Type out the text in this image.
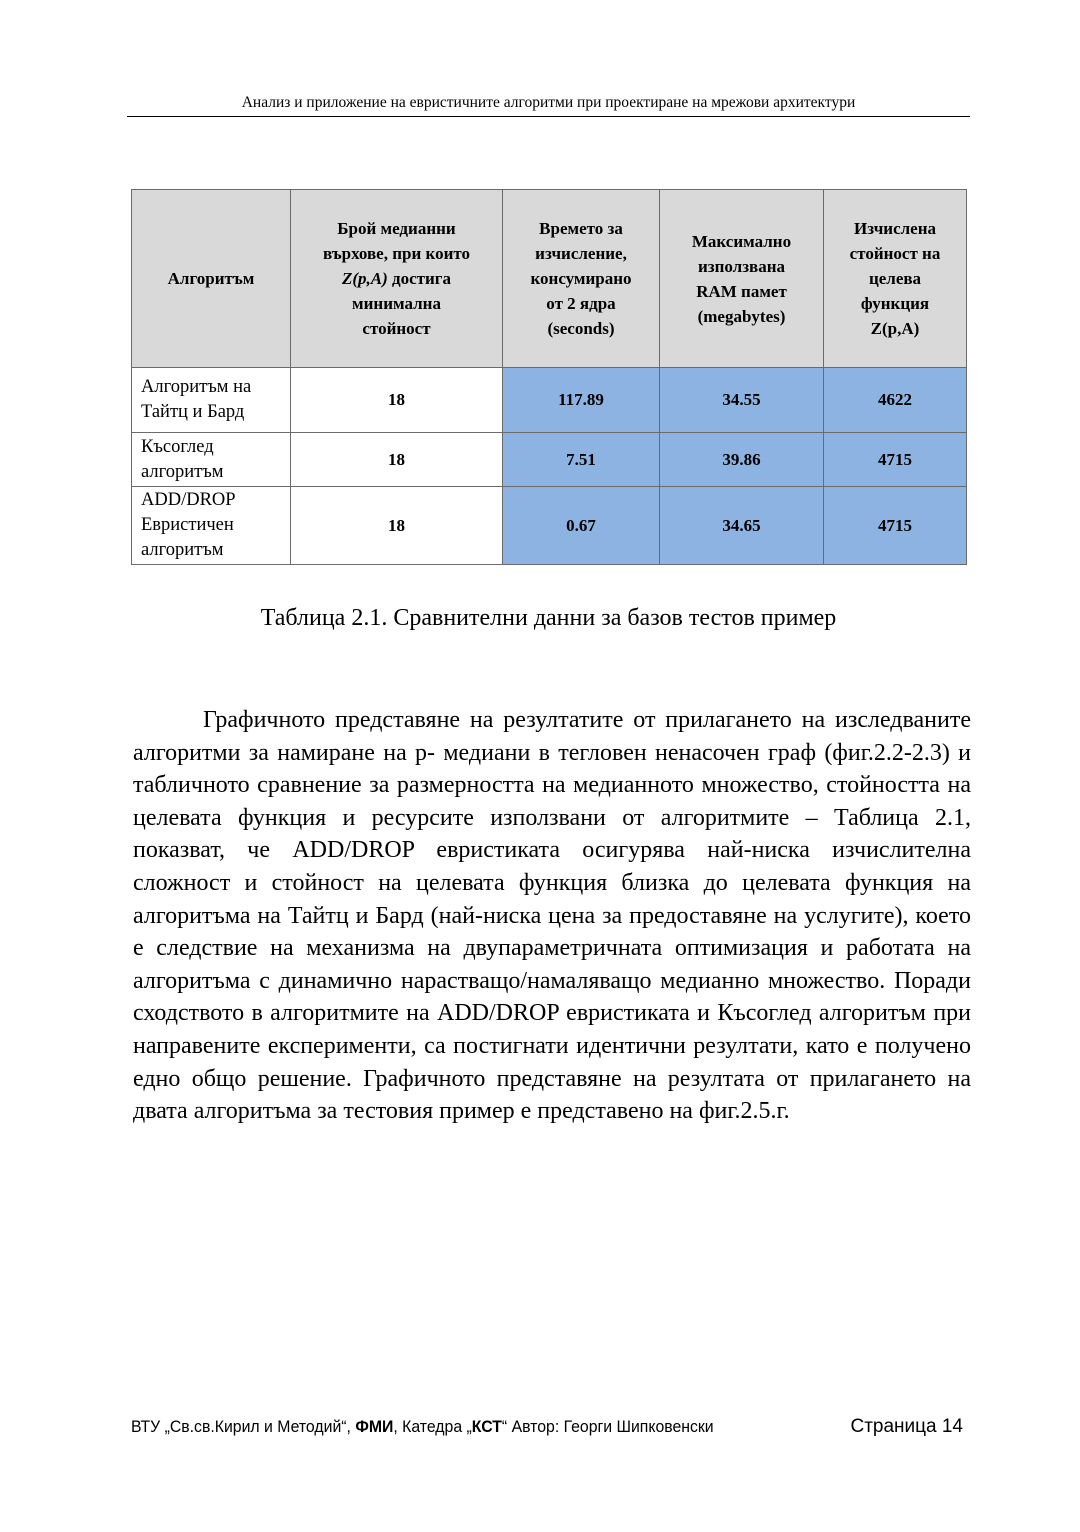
Анализ и приложение на евристичните алгоритми при проектиране на мрежови архитектури
Алгоритъм	Брой медианни
върхове, при които
Z(p,A) достига
минимална
стойност	Времето за
изчисление,
консумирано
от 2 ядра
(seconds)	Максимално
използвана
RAM памет
(megabytes)	Изчислена
стойност на
целева
функция
Z(p,A)

Алгоритъм на
Тайтц и Бард	18	117.89	34.55	4622

Късоглед
алгоритъм	18	7.51	39.86	4715

ADD/DROP
Евристичен
алгоритъм	18	0.67	34.65	4715
Таблица 2.1. Сравнителни данни за базов тестов пример

Графичното представяне на резултатите от прилагането на изследваните алгоритми за намиране на р- медиани в тегловен ненасочен граф (фиг.2.2-2.3) и табличното сравнение за размерността на медианното множество, стойността на целевата функция и ресурсите използвани от алгоритмите – Таблица 2.1, показват, че ADD/DROP евристиката осигурява най-ниска изчислителна сложност и стойност на целевата функция близка до целевата функция на алгоритъма на Тайтц и Бард (най-ниска цена за предоставяне на услугите), което е следствие на механизма на двупараметричната оптимизация и работата на алгоритъма с динамично нарастващо/намаляващо медианно множество. Поради сходството в алгоритмите на ADD/DROP евристиката и Късоглед алгоритъм при направените експерименти, са постигнати идентични резултати, като е получено едно общо решение. Графичното представяне на резултата от прилагането на двата алгоритъма за тестовия пример е представено на фиг.2.5.г.

ВТУ „Св.св.Кирил и Методий“, ФМИ, Катедра „КСТ“ Автор: Георги Шипковенски	Страница 14
